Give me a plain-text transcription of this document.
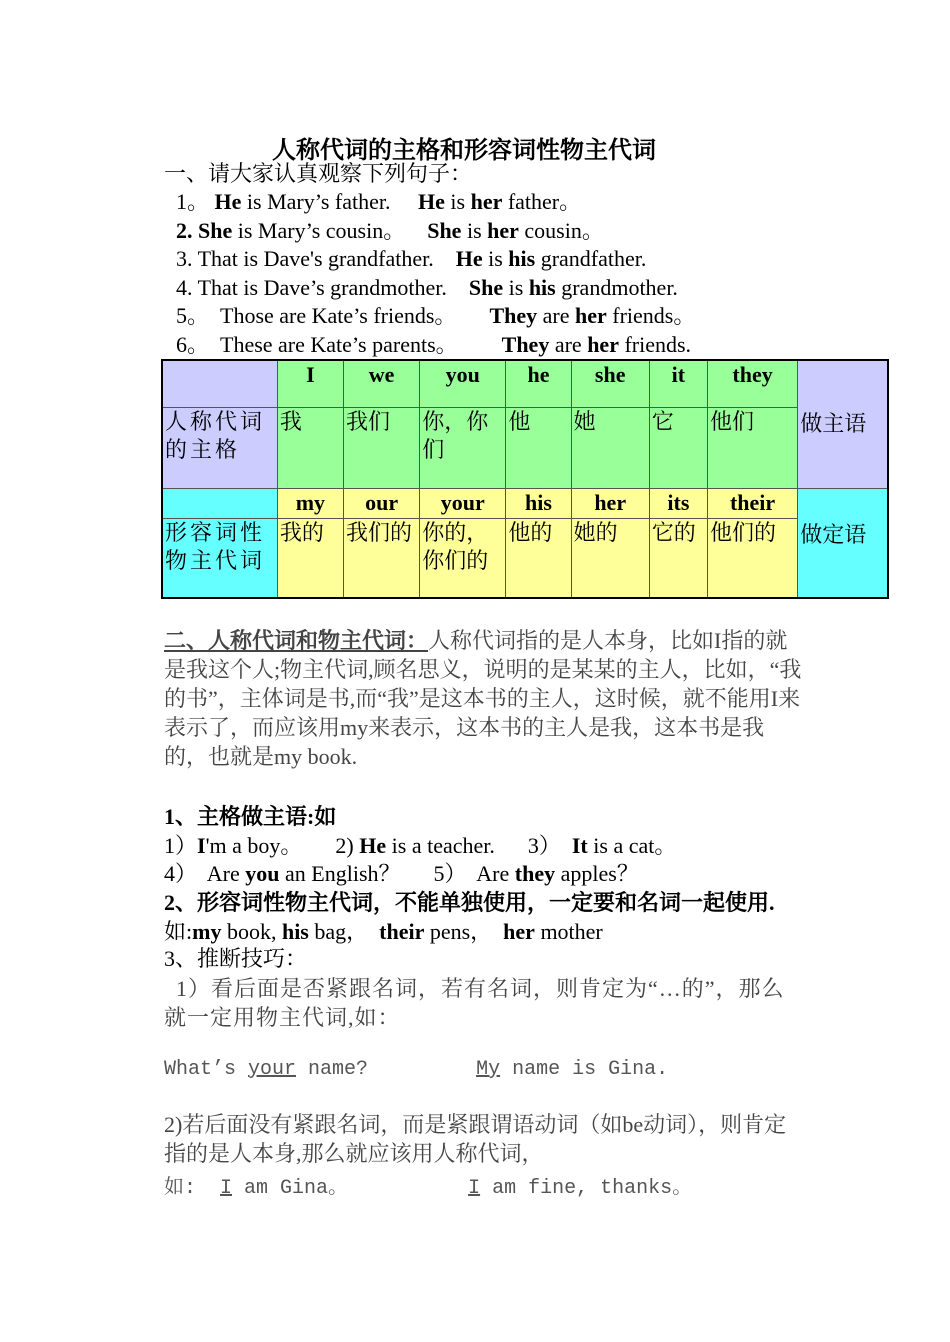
人称代词的主格和形容词性物主代词
一、请大家认真观察下列句子：
1。 He is Mary’s father.     He is her father。
2. She is Mary’s cousin。    She is her cousin。
3. That is Dave's grandfather.    He is his grandfather.
4. That is Dave’s grandmother.    She is his grandmother.
5。  Those are Kate’s friends。      They are her friends。
6。  These are Kate’s parents。        They are her friends.
	I	we	you	he	she	it	they	做主语
人称代词的主格	我	我们	你，你们	他	她	它	他们	
	my	our	your	his	her	its	their	做定语
形容词性物主代词	我的	我们的	你的，你们的	他的	她的	它的	他们的	
二、人称代词和物主代词：人称代词指的是人本身，比如I指的就是我这个人;物主代词,顾名思义，说明的是某某的主人，比如，“我的书”，主体词是书,而“我”是这本书的主人，这时候，就不能用I来表示了，而应该用my来表示，这本书的主人是我，这本书是我的，也就是my book.
1、主格做主语:如
1）I'm a boy。      2) He is a teacher.      3）  It is a cat。
4）  Are you an English？      5）  Are they apples？
2、形容词性物主代词，不能单独使用，一定要和名词一起使用.如:my book, his bag，  their pens，  her mother
3、推断技巧：
1）看后面是否紧跟名词，若有名词，则肯定为“…的”，那么就一定用物主代词,如：
What’s your name?         My name is Gina.
2)若后面没有紧跟名词，而是紧跟谓语动词（如be动词），则肯定指的是人本身,那么就应该用人称代词，
如:  I am Gina。          I am fine, thanks。
